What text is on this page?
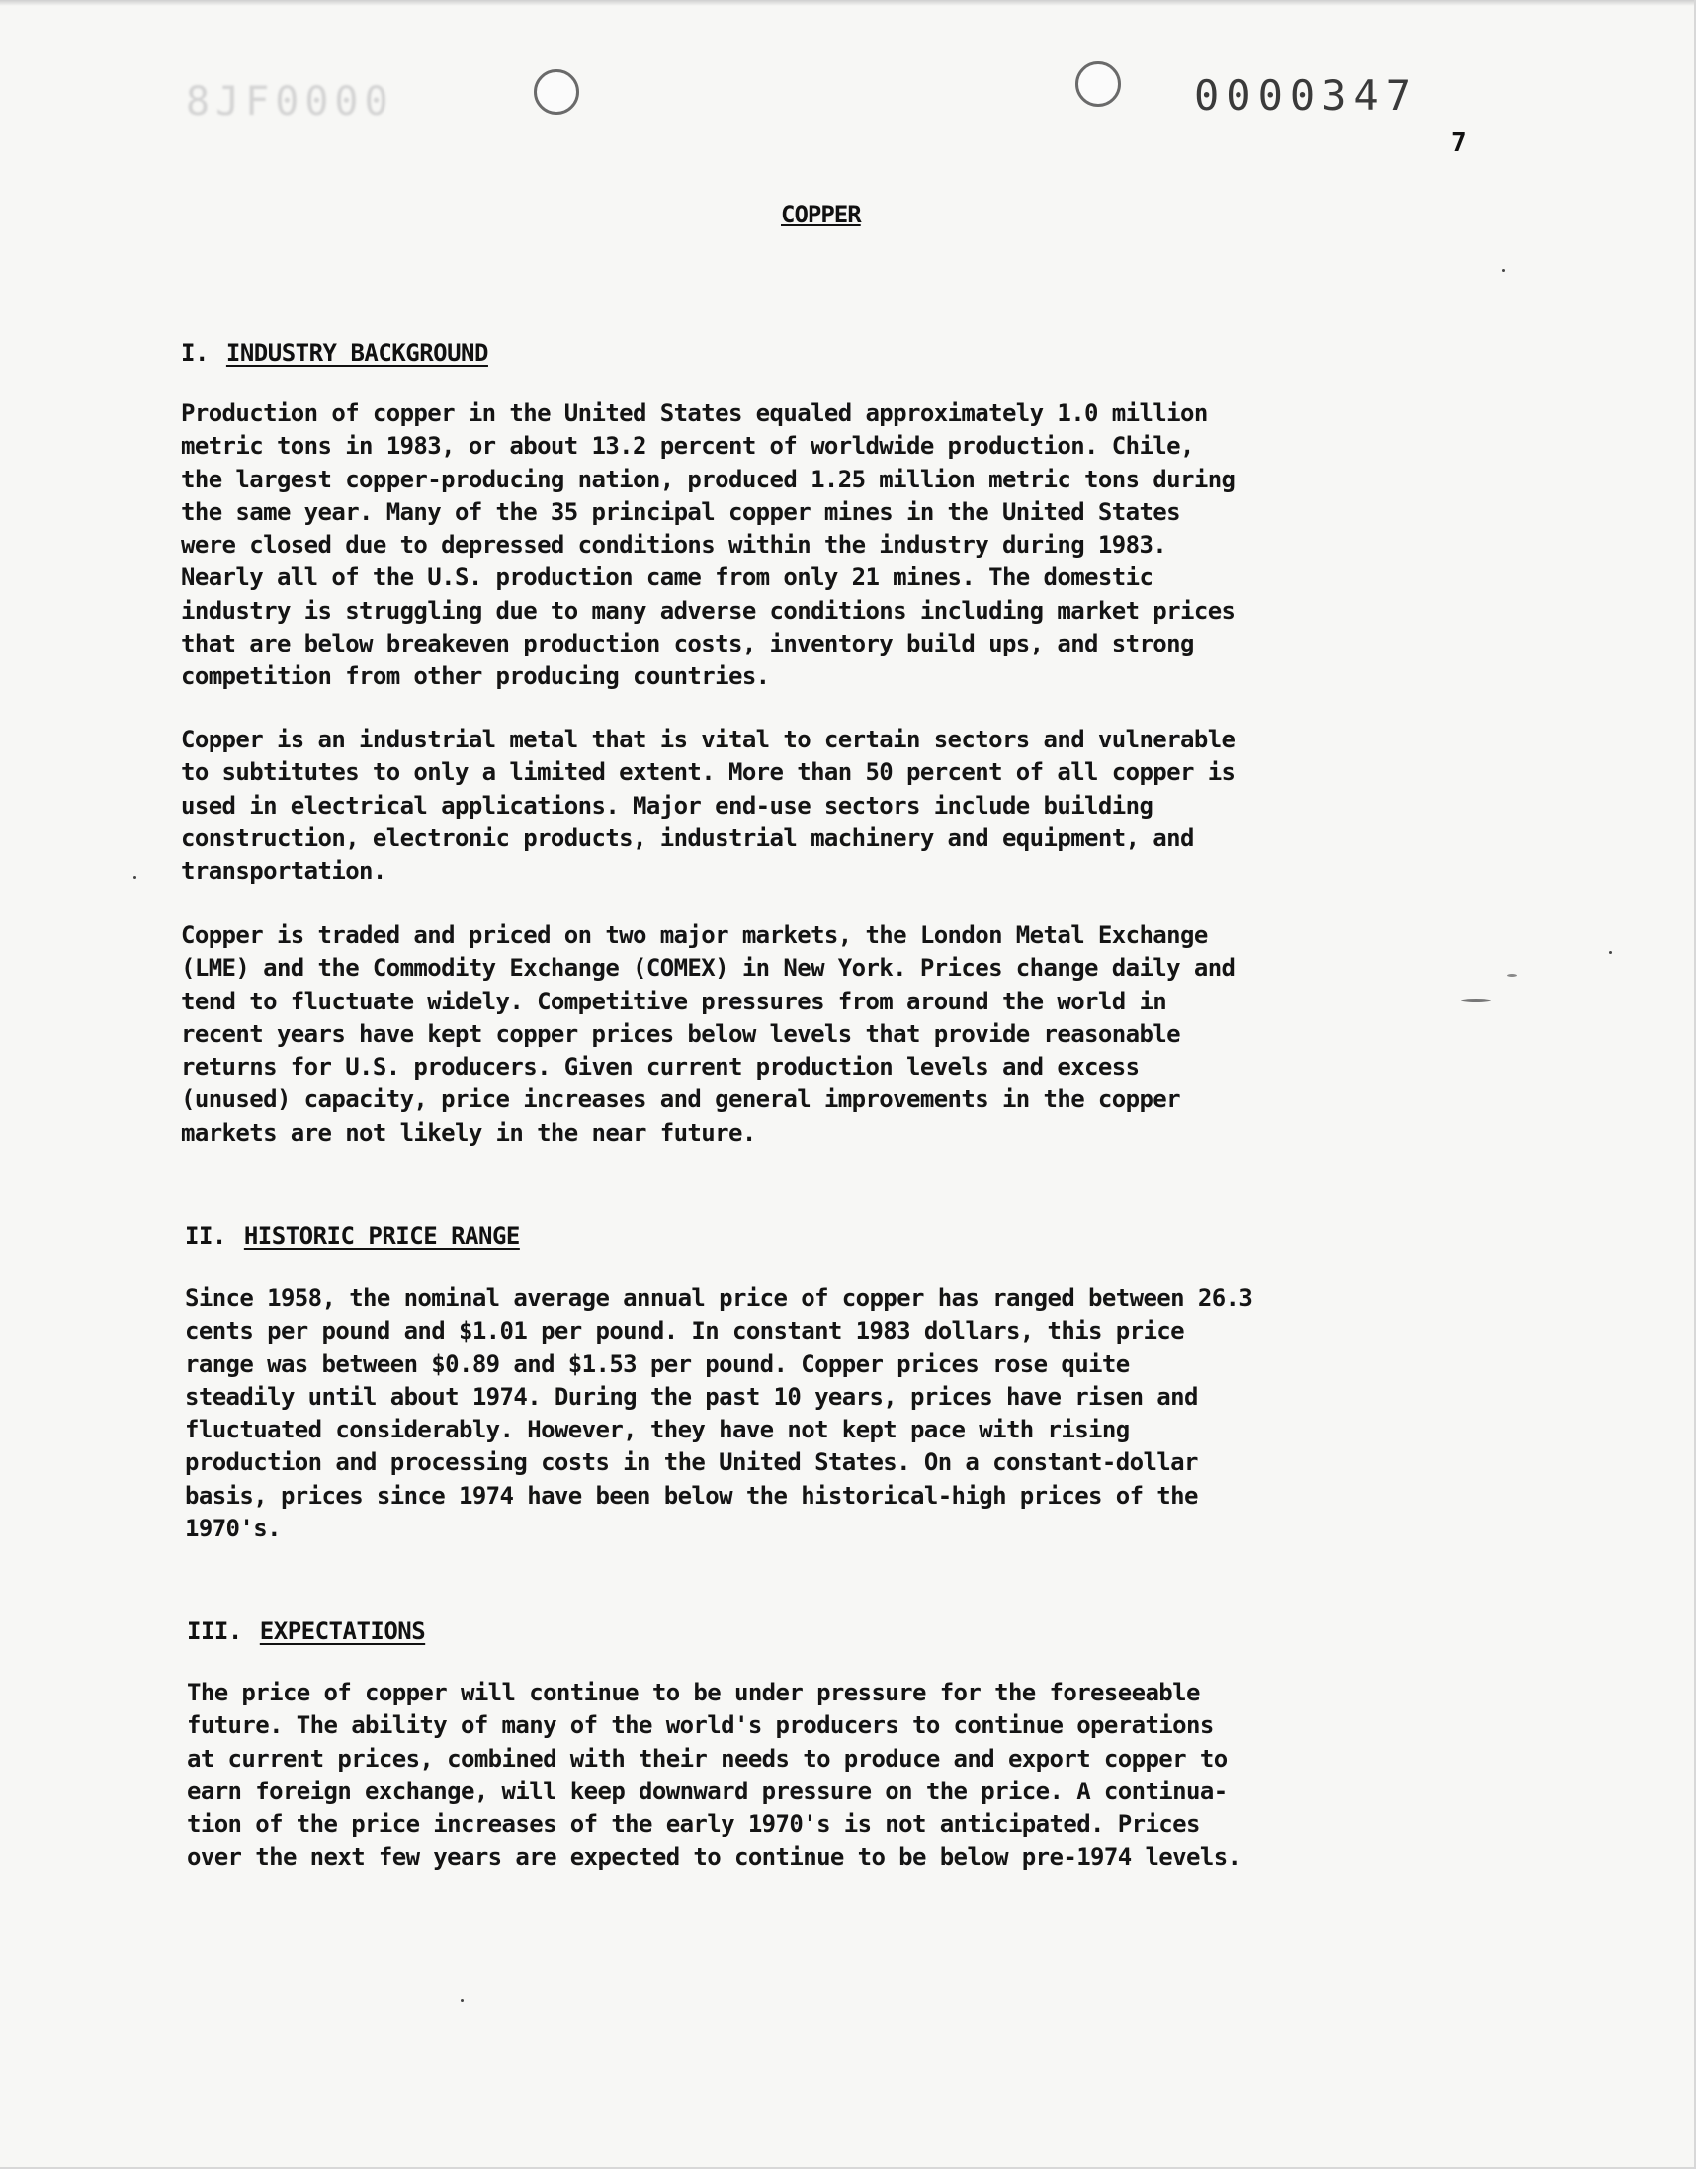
8JF0000	0000347
7
COPPER
I. INDUSTRY BACKGROUND

Production of copper in the United States equaled approximately 1.0 million
metric tons in 1983, or about 13.2 percent of worldwide production. Chile,
the largest copper-producing nation, produced 1.25 million metric tons during
the same year. Many of the 35 principal copper mines in the United States
were closed due to depressed conditions within the industry during 1983.
Nearly all of the U.S. production came from only 21 mines. The domestic
industry is struggling due to many adverse conditions including market prices
that are below breakeven production costs, inventory build ups, and strong
competition from other producing countries.

Copper is an industrial metal that is vital to certain sectors and vulnerable
to subtitutes to only a limited extent. More than 50 percent of all copper is
used in electrical applications. Major end-use sectors include building
construction, electronic products, industrial machinery and equipment, and
transportation.

Copper is traded and priced on two major markets, the London Metal Exchange
(LME) and the Commodity Exchange (COMEX) in New York. Prices change daily and
tend to fluctuate widely. Competitive pressures from around the world in
recent years have kept copper prices below levels that provide reasonable
returns for U.S. producers. Given current production levels and excess
(unused) capacity, price increases and general improvements in the copper
markets are not likely in the near future.

II. HISTORIC PRICE RANGE

Since 1958, the nominal average annual price of copper has ranged between 26.3
cents per pound and $1.01 per pound. In constant 1983 dollars, this price
range was between $0.89 and $1.53 per pound. Copper prices rose quite
steadily until about 1974. During the past 10 years, prices have risen and
fluctuated considerably. However, they have not kept pace with rising
production and processing costs in the United States. On a constant-dollar
basis, prices since 1974 have been below the historical-high prices of the
1970's.

III. EXPECTATIONS

The price of copper will continue to be under pressure for the foreseeable
future. The ability of many of the world's producers to continue operations
at current prices, combined with their needs to produce and export copper to
earn foreign exchange, will keep downward pressure on the price. A continua-
tion of the price increases of the early 1970's is not anticipated. Prices
over the next few years are expected to continue to be below pre-1974 levels.
